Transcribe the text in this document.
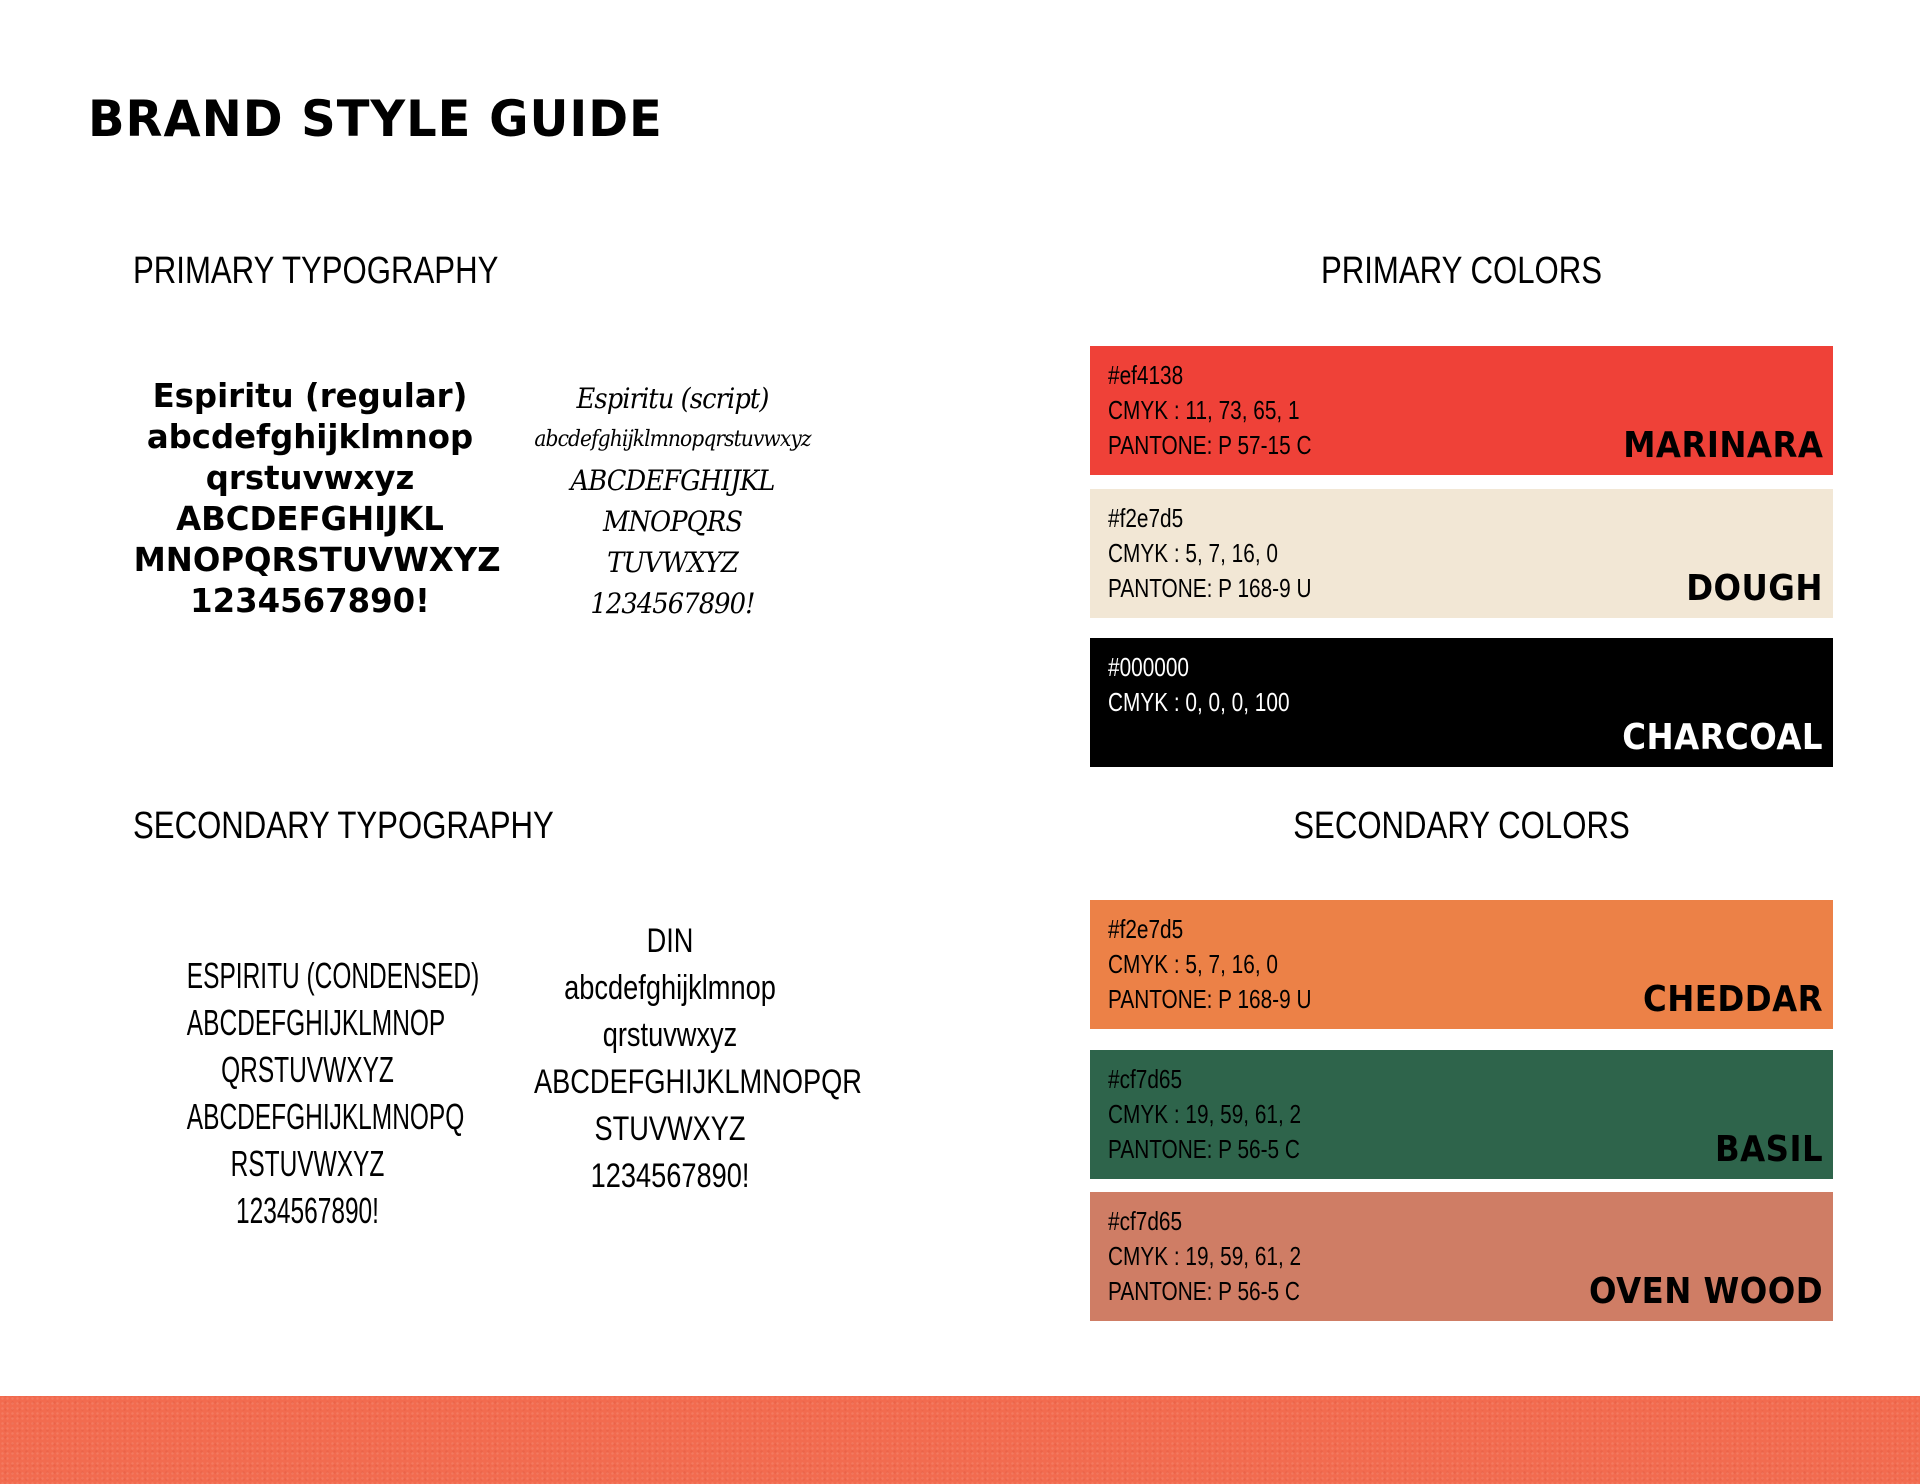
BRAND STYLE GUIDE
PRIMARY TYPOGRAPHY
SECONDARY TYPOGRAPHY
Espiritu (regular)
abcdefghijklmnop
qrstuvwxyz
ABCDEFGHIJKL
MNOPQRSTUVWXYZ
1234567890!
Espiritu (script)
abcdefghijklmnopqrstuvwxyz
ABCDEFGHIJKL
MNOPQRS
TUVWXYZ
1234567890!
ESPIRITU (CONDENSED)
ABCDEFGHIJKLMNOP
QRSTUVWXYZ
ABCDEFGHIJKLMNOPQ
RSTUVWXYZ
1234567890!
DIN
abcdefghijklmnop
qrstuvwxyz
ABCDEFGHIJKLMNOPQR
STUVWXYZ
1234567890!
PRIMARY COLORS
SECONDARY COLORS
#ef4138
CMYK : 11, 73, 65, 1
PANTONE: P 57-15 C	MARINARA
#f2e7d5
CMYK : 5, 7, 16, 0
PANTONE: P 168-9 U	DOUGH
#000000
CMYK : 0, 0, 0, 100
CHARCOAL
#f2e7d5
CMYK : 5, 7, 16, 0
PANTONE: P 168-9 U	CHEDDAR
#cf7d65
CMYK : 19, 59, 61, 2
PANTONE: P 56-5 C	BASIL
#cf7d65
CMYK : 19, 59, 61, 2
PANTONE: P 56-5 C	OVEN WOOD
